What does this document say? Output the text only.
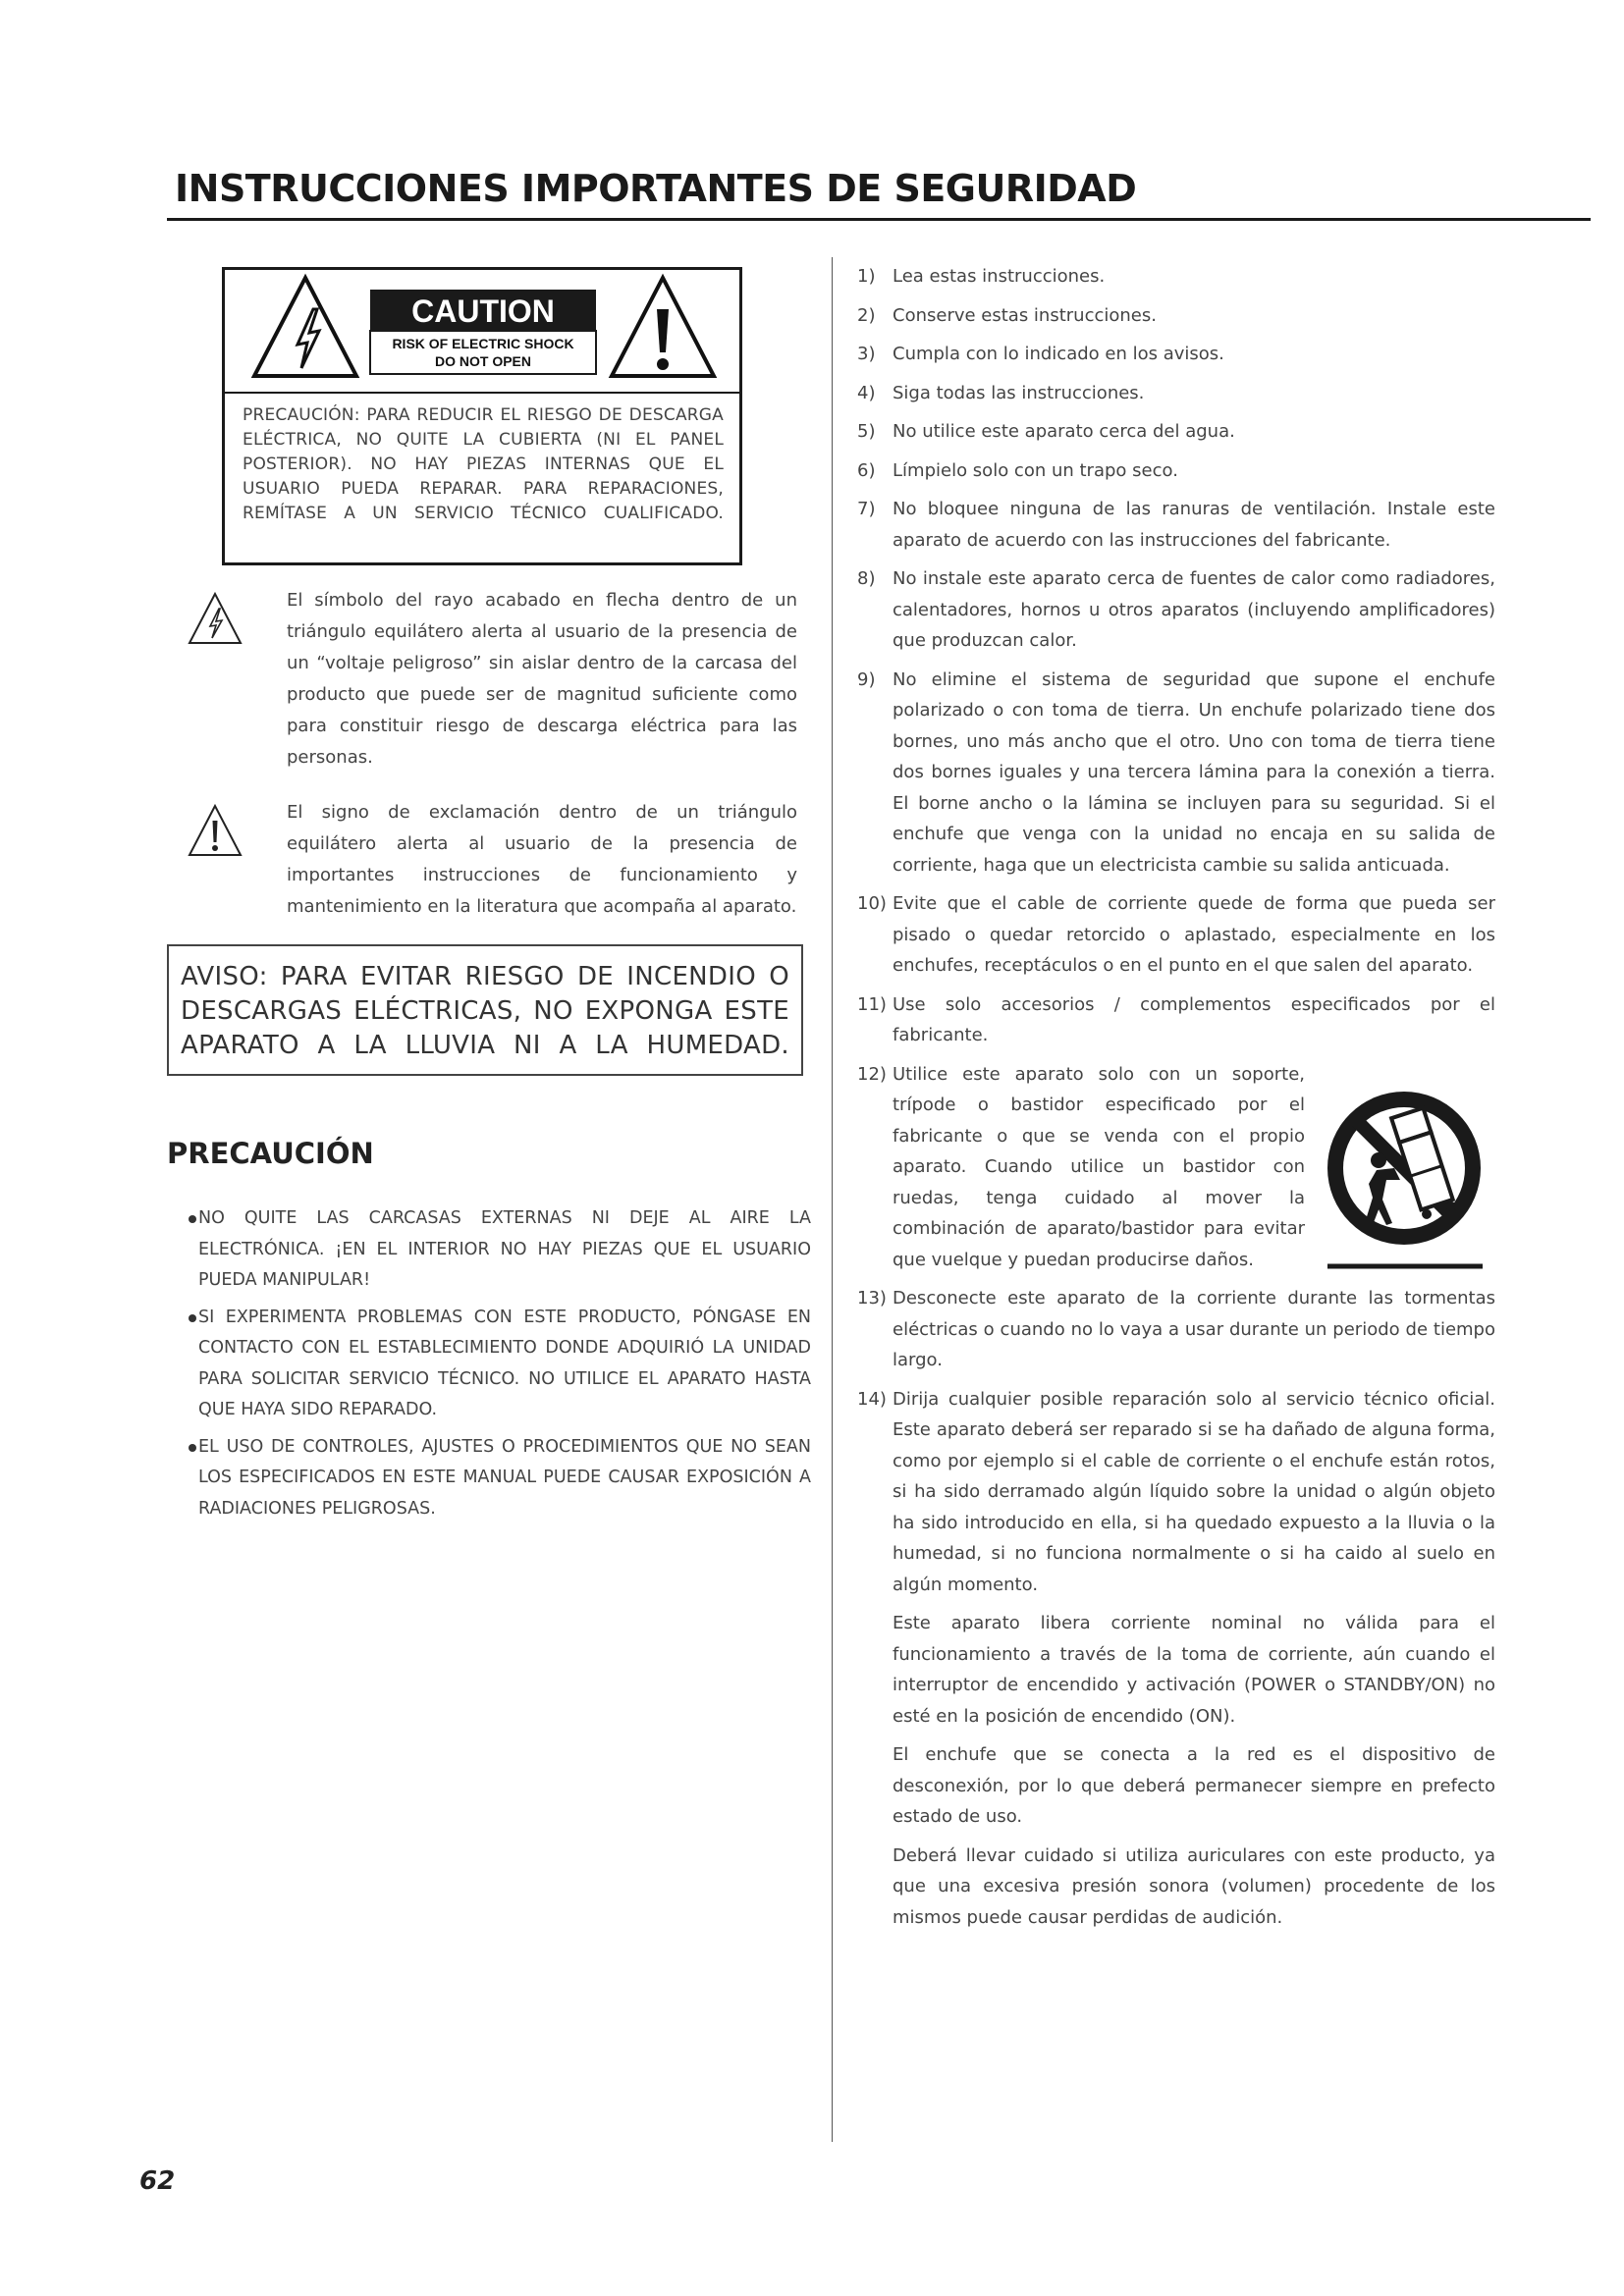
INSTRUCCIONES IMPORTANTES DE SEGURIDAD
CAUTION
RISK OF ELECTRIC SHOCK
DO NOT OPEN

PRECAUCIÓN: PARA REDUCIR EL RIESGO DE DESCARGA ELÉCTRICA, NO QUITE LA CUBIERTA (NI EL PANEL POSTERIOR). NO HAY PIEZAS INTERNAS QUE EL USUARIO PUEDA REPARAR. PARA REPARACIONES, REMÍTASE A UN SERVICIO TÉCNICO CUALIFICADO.

El símbolo del rayo acabado en flecha dentro de un triángulo equilátero alerta al usuario de la presencia de un “voltaje peligroso” sin aislar dentro de la carcasa del producto que puede ser de magnitud suficiente como para constituir riesgo de descarga eléctrica para las personas.

El signo de exclamación dentro de un triángulo equilátero alerta al usuario de la presencia de importantes instrucciones de funcionamiento y mantenimiento en la literatura que acompaña al aparato.

AVISO: PARA EVITAR RIESGO DE INCENDIO O DESCARGAS ELÉCTRICAS, NO EXPONGA ESTE APARATO A LA LLUVIA NI A LA HUMEDAD.

PRECAUCIÓN
NO QUITE LAS CARCASAS EXTERNAS NI DEJE AL AIRE LA ELECTRÓNICA. ¡EN EL INTERIOR NO HAY PIEZAS QUE EL USUARIO PUEDA MANIPULAR!
SI EXPERIMENTA PROBLEMAS CON ESTE PRODUCTO, PÓNGASE EN CONTACTO CON EL ESTABLECIMIENTO DONDE ADQUIRIÓ LA UNIDAD PARA SOLICITAR SERVICIO TÉCNICO. NO UTILICE EL APARATO HASTA QUE HAYA SIDO REPARADO.
EL USO DE CONTROLES, AJUSTES O PROCEDIMIENTOS QUE NO SEAN LOS ESPECIFICADOS EN ESTE MANUAL PUEDE CAUSAR EXPOSICIÓN A RADIACIONES PELIGROSAS.
1) Lea estas instrucciones.
2) Conserve estas instrucciones.
3) Cumpla con lo indicado en los avisos.
4) Siga todas las instrucciones.
5) No utilice este aparato cerca del agua.
6) Límpielo solo con un trapo seco.
7) No bloquee ninguna de las ranuras de ventilación. Instale este aparato de acuerdo con las instrucciones del fabricante.
8) No instale este aparato cerca de fuentes de calor como radiadores, calentadores, hornos u otros aparatos (incluyendo amplificadores) que produzcan calor.
9) No elimine el sistema de seguridad que supone el enchufe polarizado o con toma de tierra. Un enchufe polarizado tiene dos bornes, uno más ancho que el otro. Uno con toma de tierra tiene dos bornes iguales y una tercera lámina para la conexión a tierra. El borne ancho o la lámina se incluyen para su seguridad. Si el enchufe que venga con la unidad no encaja en su salida de corriente, haga que un electricista cambie su salida anticuada.
10) Evite que el cable de corriente quede de forma que pueda ser pisado o quedar retorcido o aplastado, especialmente en los enchufes, receptáculos o en el punto en el que salen del aparato.
11) Use solo accesorios / complementos especificados por el fabricante.
12) Utilice este aparato solo con un soporte, trípode o bastidor especificado por el fabricante o que se venda con el propio aparato. Cuando utilice un bastidor con ruedas, tenga cuidado al mover la combinación de aparato/bastidor para evitar que vuelque y puedan producirse daños.
13) Desconecte este aparato de la corriente durante las tormentas eléctricas o cuando no lo vaya a usar durante un periodo de tiempo largo.
14) Dirija cualquier posible reparación solo al servicio técnico oficial. Este aparato deberá ser reparado si se ha dañado de alguna forma, como por ejemplo si el cable de corriente o el enchufe están rotos, si ha sido derramado algún líquido sobre la unidad o algún objeto ha sido introducido en ella, si ha quedado expuesto a la lluvia o la humedad, si no funciona normalmente o si ha caido al suelo en algún momento.
Este aparato libera corriente nominal no válida para el funcionamiento a través de la toma de corriente, aún cuando el interruptor de encendido y activación (POWER o STANDBY/ON) no esté en la posición de encendido (ON).
El enchufe que se conecta a la red es el dispositivo de desconexión, por lo que deberá permanecer siempre en prefecto estado de uso.
Deberá llevar cuidado si utiliza auriculares con este producto, ya que una excesiva presión sonora (volumen) procedente de los mismos puede causar perdidas de audición.

62
